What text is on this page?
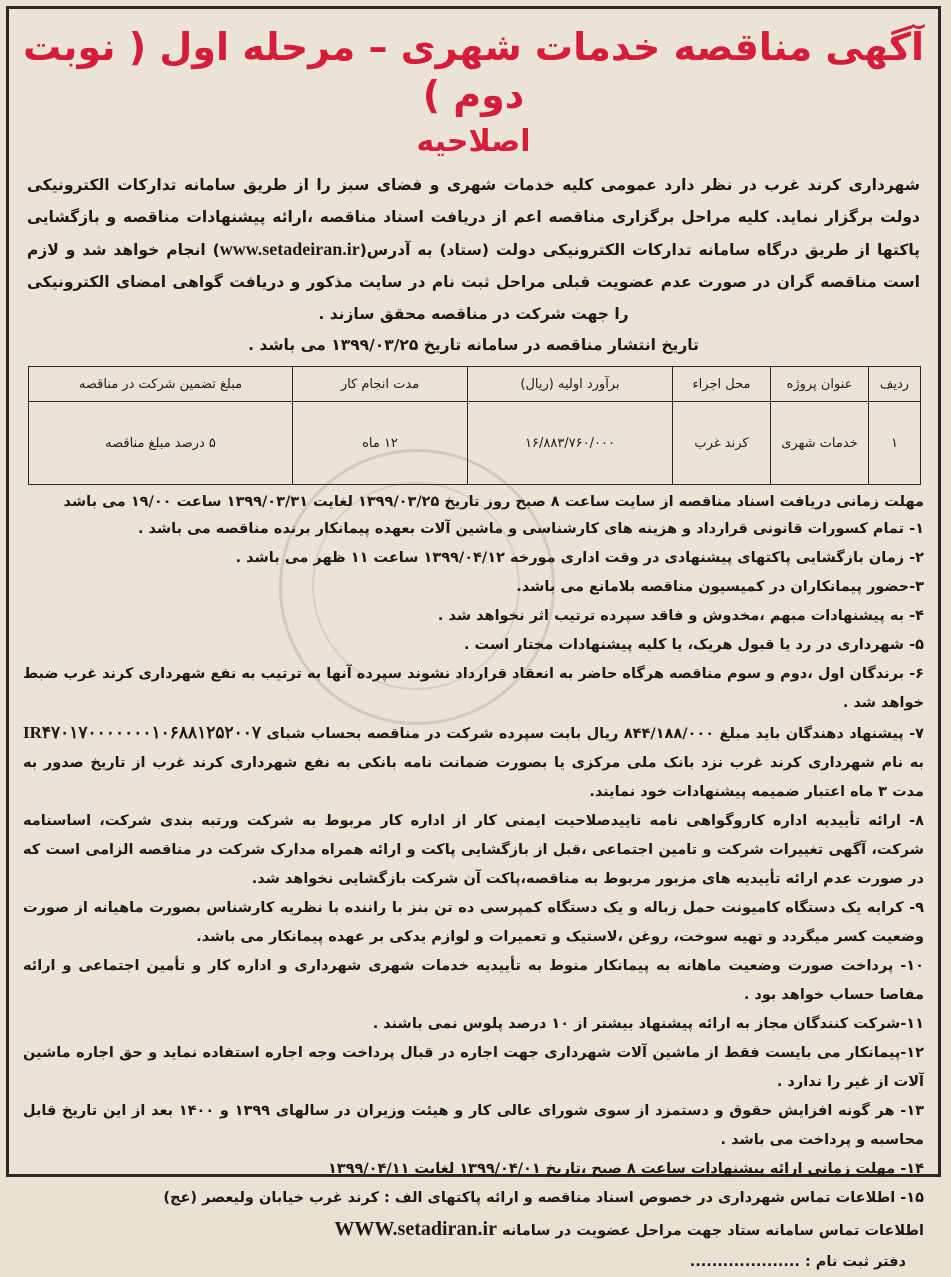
آگهی مناقصه خدمات شهری – مرحله اول ( نوبت دوم )
اصلاحیه
شهرداری کرند غرب در نظر دارد عمومی کلیه خدمات شهری و فضای سبز را از طریق سامانه تدارکات الکترونیکی دولت برگزار نماید. کلیه مراحل برگزاری مناقصه اعم از دریافت اسناد مناقصه ،ارائه پیشنهادات مناقصه و بازگشایی پاکتها از طریق درگاه سامانه تدارکات الکترونیکی دولت (ستاد) به آدرس(www.setadeiran.ir) انجام خواهد شد و لازم است مناقصه گران در صورت عدم عضویت قبلی مراحل ثبت نام در سایت مذکور و دریافت گواهی امضای الکترونیکی را جهت شرکت در مناقصه محقق سازند .
تاریخ انتشار مناقصه در سامانه تاریخ ۱۳۹۹/۰۳/۲۵ می باشد .
ردیف	عنوان پروژه	محل اجراء	برآورد اولیه (ریال)	مدت انجام کار	مبلغ تضمین شرکت در مناقصه
۱	خدمات شهری	کرند غرب	۱۶/۸۸۳/۷۶۰/۰۰۰	۱۲ ماه	۵ درصد مبلغ مناقصه
مهلت زمانی دریافت اسناد مناقصه از سایت ساعت ۸ صبح روز تاریخ ۱۳۹۹/۰۳/۲۵ لغایت ۱۳۹۹/۰۳/۳۱ ساعت ۱۹/۰۰ می باشد
۱- تمام کسورات قانونی قرارداد و هزینه های کارشناسی و ماشین آلات بعهده پیمانکار برنده مناقصه می باشد .
۲- زمان بازگشایی پاکتهای پیشنهادی در وقت اداری مورخه ۱۳۹۹/۰۴/۱۲ ساعت ۱۱ ظهر می باشد .
۳-حضور پیمانکاران در کمیسیون مناقصه بلامانع می باشد.
۴- به پیشنهادات مبهم ،مخدوش و فاقد سپرده ترتیب اثر نخواهد شد .
۵- شهرداری در رد یا قبول هریک، یا کلیه پیشنهادات مختار است .
۶- برندگان اول ،دوم و سوم مناقصه هرگاه حاضر به انعقاد قرارداد نشوند سپرده آنها به ترتیب به نفع شهرداری کرند غرب ضبط خواهد شد .
۷- پیشنهاد دهندگان باید مبلغ ۸۴۴/۱۸۸/۰۰۰ ریال بابت سپرده شرکت در مناقصه بحساب شبای IR۴۷۰۱۷۰۰۰۰۰۰۰۱۰۶۸۸۱۲۵۲۰۰۷ به نام شهرداری کرند غرب نزد بانک ملی مرکزی یا بصورت ضمانت نامه بانکی به نفع شهرداری کرند غرب از تاریخ صدور به مدت ۳ ماه اعتبار ضمیمه پیشنهادات خود نمایند.
۸- ارائه تأییدیه اداره کاروگواهی نامه تاییدصلاحیت ایمنی کار از اداره کار مربوط به شرکت ورتبه بندی شرکت، اساسنامه شرکت، آگهی تغییرات شرکت و تامین اجتماعی ،قبل از بازگشایی پاکت و ارائه همراه مدارک شرکت در مناقصه الزامی است که در صورت عدم ارائه تأییدیه های مزبور مربوط به مناقصه،پاکت آن شرکت بازگشایی نخواهد شد.
۹- کرایه یک دستگاه کامیونت حمل زباله و یک دستگاه کمپرسی ده تن بنز با راننده با نظریه کارشناس بصورت ماهیانه از صورت وضعیت کسر میگردد و تهیه سوخت، روغن ،لاستیک و تعمیرات و لوازم یدکی بر عهده پیمانکار می باشد.
۱۰- پرداخت صورت وضعیت ماهانه به پیمانکار منوط به تأییدیه خدمات شهری شهرداری و اداره کار و تأمین اجتماعی و ارائه مفاصا حساب خواهد بود .
۱۱-شرکت کنندگان مجاز به ارائه پیشنهاد بیشتر از ۱۰ درصد پلوس نمی باشند .
۱۲-پیمانکار می بایست فقط از ماشین آلات شهرداری جهت اجاره در قبال پرداخت وجه اجاره استفاده نماید و حق اجاره ماشین آلات از غیر را ندارد .
۱۳- هر گونه افزایش حقوق و دستمزد از سوی شورای عالی کار و هیئت وزیران در سالهای ۱۳۹۹ و ۱۴۰۰ بعد از این تاریخ قابل محاسبه و پرداخت می باشد .
۱۴- مهلت زمانی ارائه پیشنهادات ساعت ۸ صبح ،تاریخ ۱۳۹۹/۰۴/۰۱ لغایت ۱۳۹۹/۰۴/۱۱
۱۵- اطلاعات تماس شهرداری در خصوص اسناد مناقصه و ارائه پاکتهای الف : کرند غرب خیابان ولیعصر (عج)
اطلاعات تماس سامانه ستاد جهت مراحل عضویت در سامانه WWW.setadiran.ir
دفتر ثبت نام : ....................
